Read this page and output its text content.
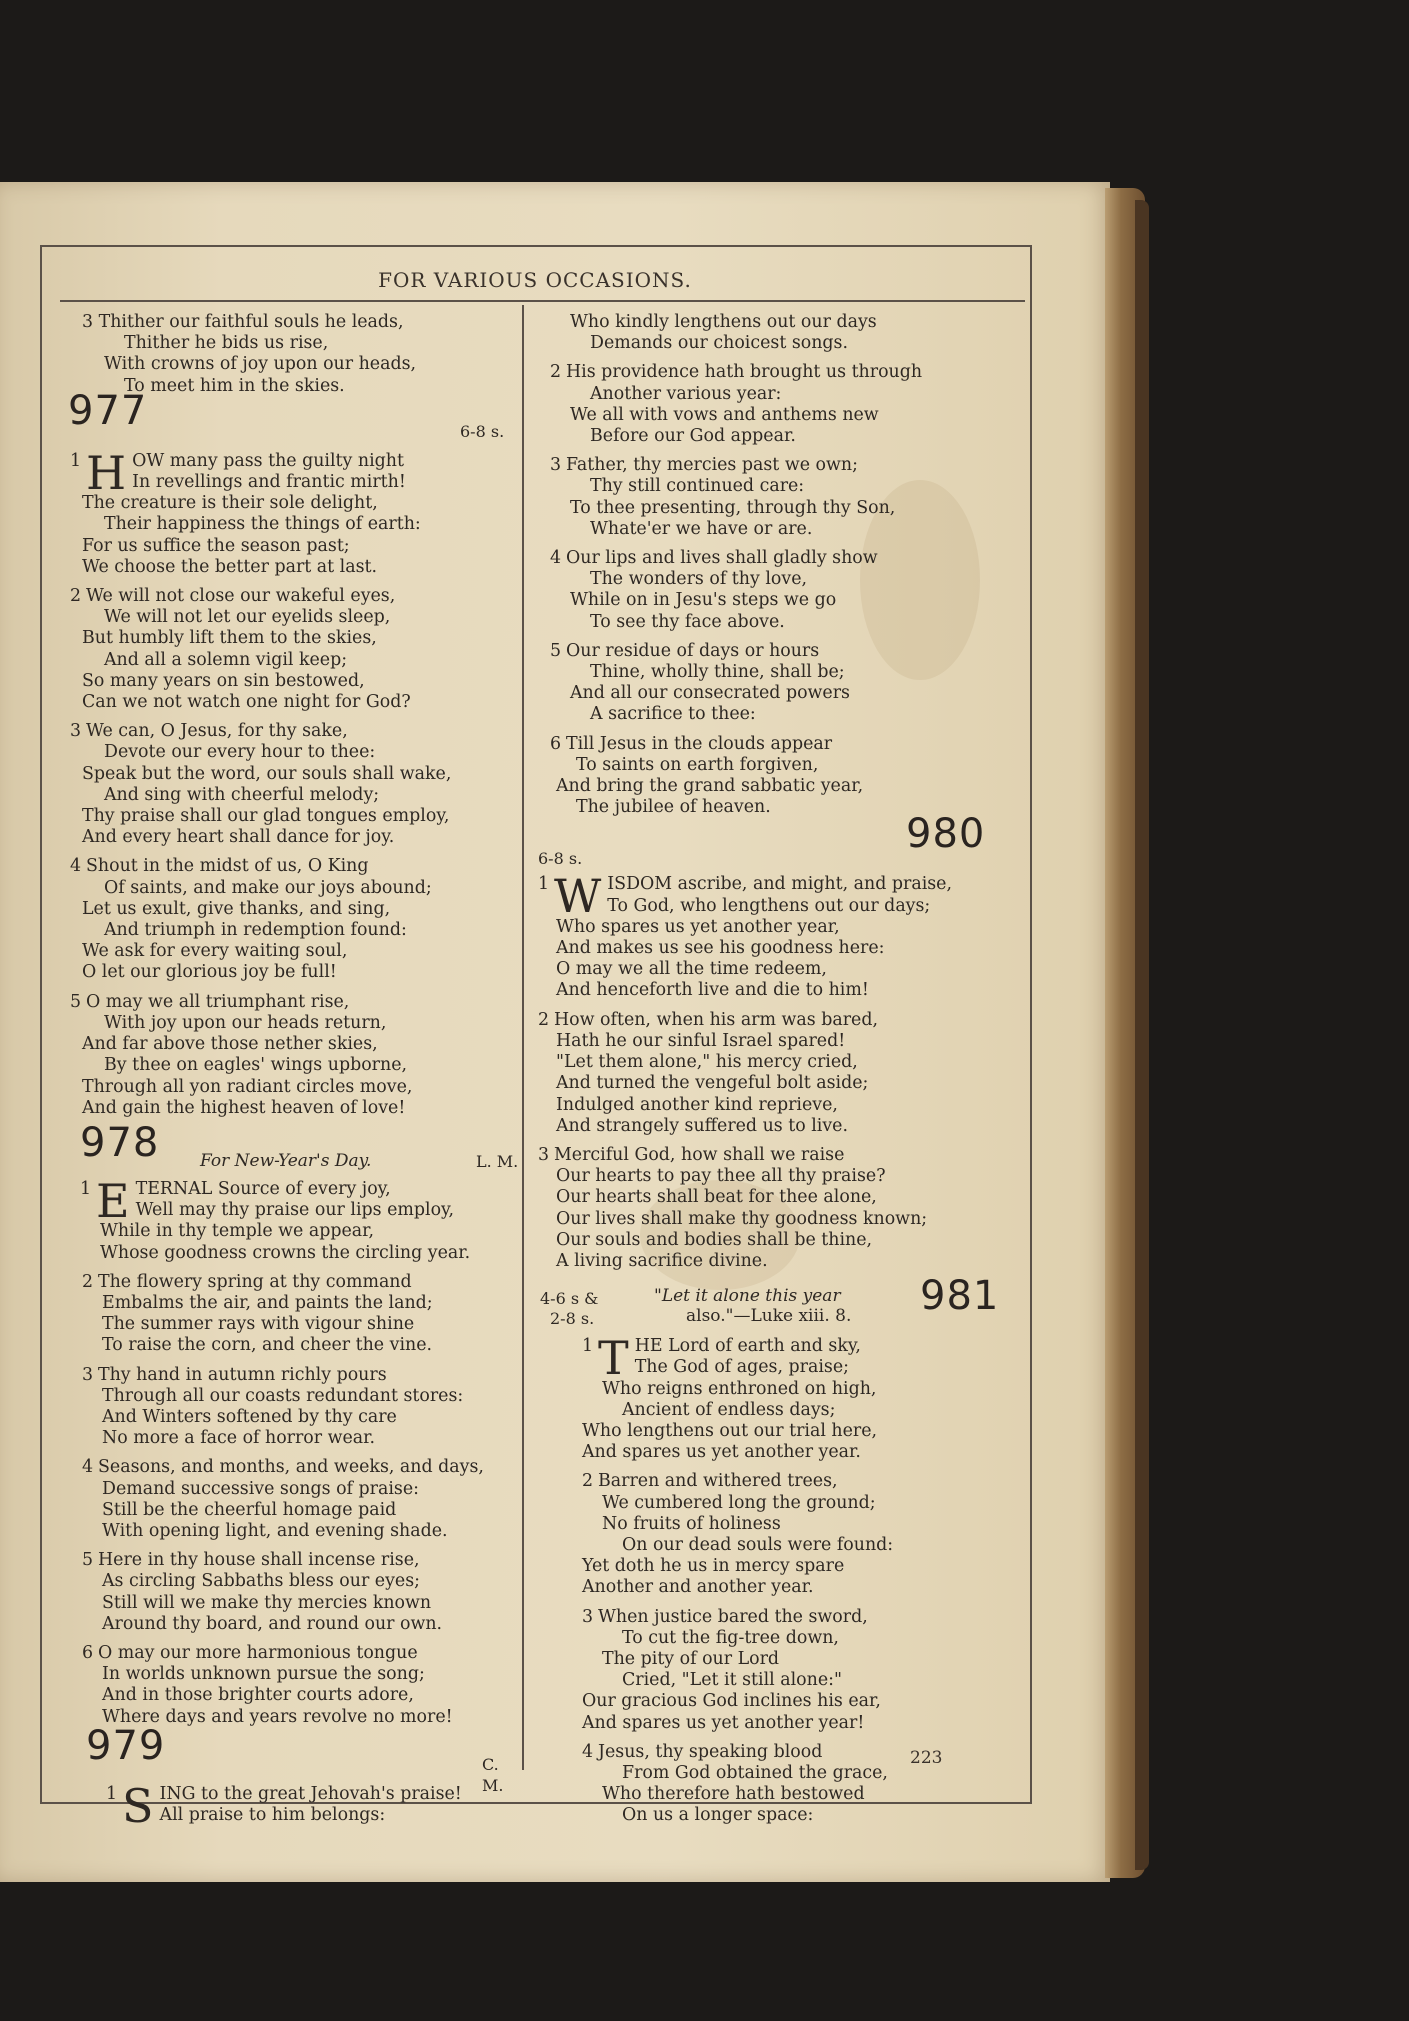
FOR VARIOUS OCCASIONS.
3 Thither our faithful souls he leads,
Thither he bids us rise,
With crowns of joy upon our heads,
To meet him in the skies.
977	6-8 s.
1 H OW many pass the guilty night
In revellings and frantic mirth!
The creature is their sole delight,
Their happiness the things of earth:
For us suffice the season past;
We choose the better part at last.
2 We will not close our wakeful eyes,
We will not let our eyelids sleep,
But humbly lift them to the skies,
And all a solemn vigil keep;
So many years on sin bestowed,
Can we not watch one night for God?
3 We can, O Jesus, for thy sake,
Devote our every hour to thee:
Speak but the word, our souls shall wake,
And sing with cheerful melody;
Thy praise shall our glad tongues employ,
And every heart shall dance for joy.
4 Shout in the midst of us, O King
Of saints, and make our joys abound;
Let us exult, give thanks, and sing,
And triumph in redemption found:
We ask for every waiting soul,
O let our glorious joy be full!
5 O may we all triumphant rise,
With joy upon our heads return,
And far above those nether skies,
By thee on eagles' wings upborne,
Through all yon radiant circles move,
And gain the highest heaven of love!
978 For New-Year's Day.	L. M.
1 E TERNAL Source of every joy,
Well may thy praise our lips employ,
While in thy temple we appear,
Whose goodness crowns the circling year.
2 The flowery spring at thy command
Embalms the air, and paints the land;
The summer rays with vigour shine
To raise the corn, and cheer the vine.
3 Thy hand in autumn richly pours
Through all our coasts redundant stores:
And Winters softened by thy care
No more a face of horror wear.
4 Seasons, and months, and weeks, and days,
Demand successive songs of praise:
Still be the cheerful homage paid
With opening light, and evening shade.
5 Here in thy house shall incense rise,
As circling Sabbaths bless our eyes;
Still will we make thy mercies known
Around thy board, and round our own.
6 O may our more harmonious tongue
In worlds unknown pursue the song;
And in those brighter courts adore,
Where days and years revolve no more!
979	C. M.
1 S ING to the great Jehovah's praise!
All praise to him belongs:
Who kindly lengthens out our days
Demands our choicest songs.
2 His providence hath brought us through
Another various year:
We all with vows and anthems new
Before our God appear.
3 Father, thy mercies past we own;
Thy still continued care:
To thee presenting, through thy Son,
Whate'er we have or are.
4 Our lips and lives shall gladly show
The wonders of thy love,
While on in Jesu's steps we go
To see thy face above.
5 Our residue of days or hours
Thine, wholly thine, shall be;
And all our consecrated powers
A sacrifice to thee:
6 Till Jesus in the clouds appear
To saints on earth forgiven,
And bring the grand sabbatic year,
The jubilee of heaven.
6-8 s.
980
1 W ISDOM ascribe, and might, and praise,
To God, who lengthens out our days;
Who spares us yet another year,
And makes us see his goodness here:
O may we all the time redeem,
And henceforth live and die to him!
2 How often, when his arm was bared,
Hath he our sinful Israel spared!
"Let them alone," his mercy cried,
And turned the vengeful bolt aside;
Indulged another kind reprieve,
And strangely suffered us to live.
3 Merciful God, how shall we raise
Our hearts to pay thee all thy praise?
Our hearts shall beat for thee alone,
Our lives shall make thy goodness known;
Our souls and bodies shall be thine,
A living sacrifice divine.
4-6 s &
2-8 s.
"Let it alone this year
also."—Luke xiii. 8. 981
1 T HE Lord of earth and sky,
The God of ages, praise;
Who reigns enthroned on high,
Ancient of endless days;
Who lengthens out our trial here,
And spares us yet another year.
2 Barren and withered trees,
We cumbered long the ground;
No fruits of holiness
On our dead souls were found:
Yet doth he us in mercy spare
Another and another year.
3 When justice bared the sword,
To cut the fig-tree down,
The pity of our Lord
Cried, "Let it still alone:"
Our gracious God inclines his ear,
And spares us yet another year!
4 Jesus, thy speaking blood
From God obtained the grace,
Who therefore hath bestowed
On us a longer space:
223
